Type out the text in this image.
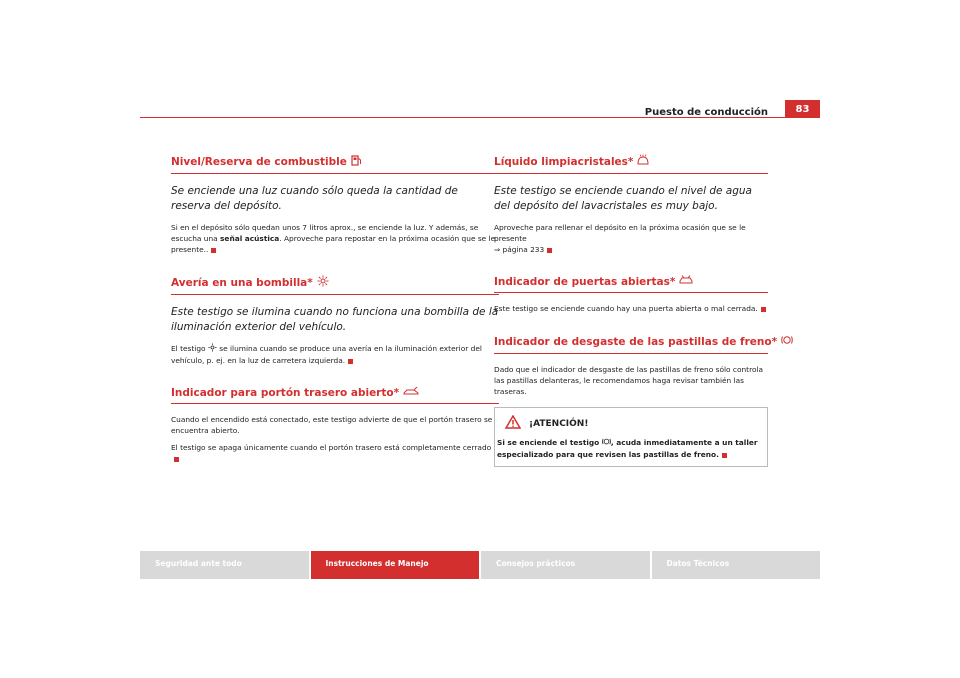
Puesto de conducción	83
Nivel/Reserva de combustible
Se enciende una luz cuando sólo queda la cantidad de reserva del depósito.
Si en el depósito sólo quedan unos 7 litros aprox., se enciende la luz. Y además, se escucha una señal acústica. Aproveche para repostar en la próxima ocasión que se le presente..
Avería en una bombilla*
Este testigo se ilumina cuando no funciona una bombilla de la iluminación exterior del vehículo.
El testigo  se ilumina cuando se produce una avería en la iluminación exterior del vehículo, p. ej. en la luz de carretera izquierda.
Indicador para portón trasero abierto*
Cuando el encendido está conectado, este testigo advierte de que el portón trasero se encuentra abierto.
El testigo se apaga únicamente cuando el portón trasero está completamente cerrado
Líquido limpiacristales*
Este testigo se enciende cuando el nivel de agua del depósito del lavacristales es muy bajo.
Aproveche para rellenar el depósito en la próxima ocasión que se le presente
⇒ página 233
Indicador de puertas abiertas*
Este testigo se enciende cuando hay una puerta abierta o mal cerrada.
Indicador de desgaste de las pastillas de freno*
Dado que el indicador de desgaste de las pastillas de freno sólo controla las pastillas delanteras, le recomendamos haga revisar también las traseras.
¡ATENCIÓN!
Si se enciende el testigo , acuda inmediatamente a un taller especializado para que revisen las pastillas de freno.
Seguridad ante todo	Instrucciones de Manejo	Consejos prácticos	Datos Técnicos
